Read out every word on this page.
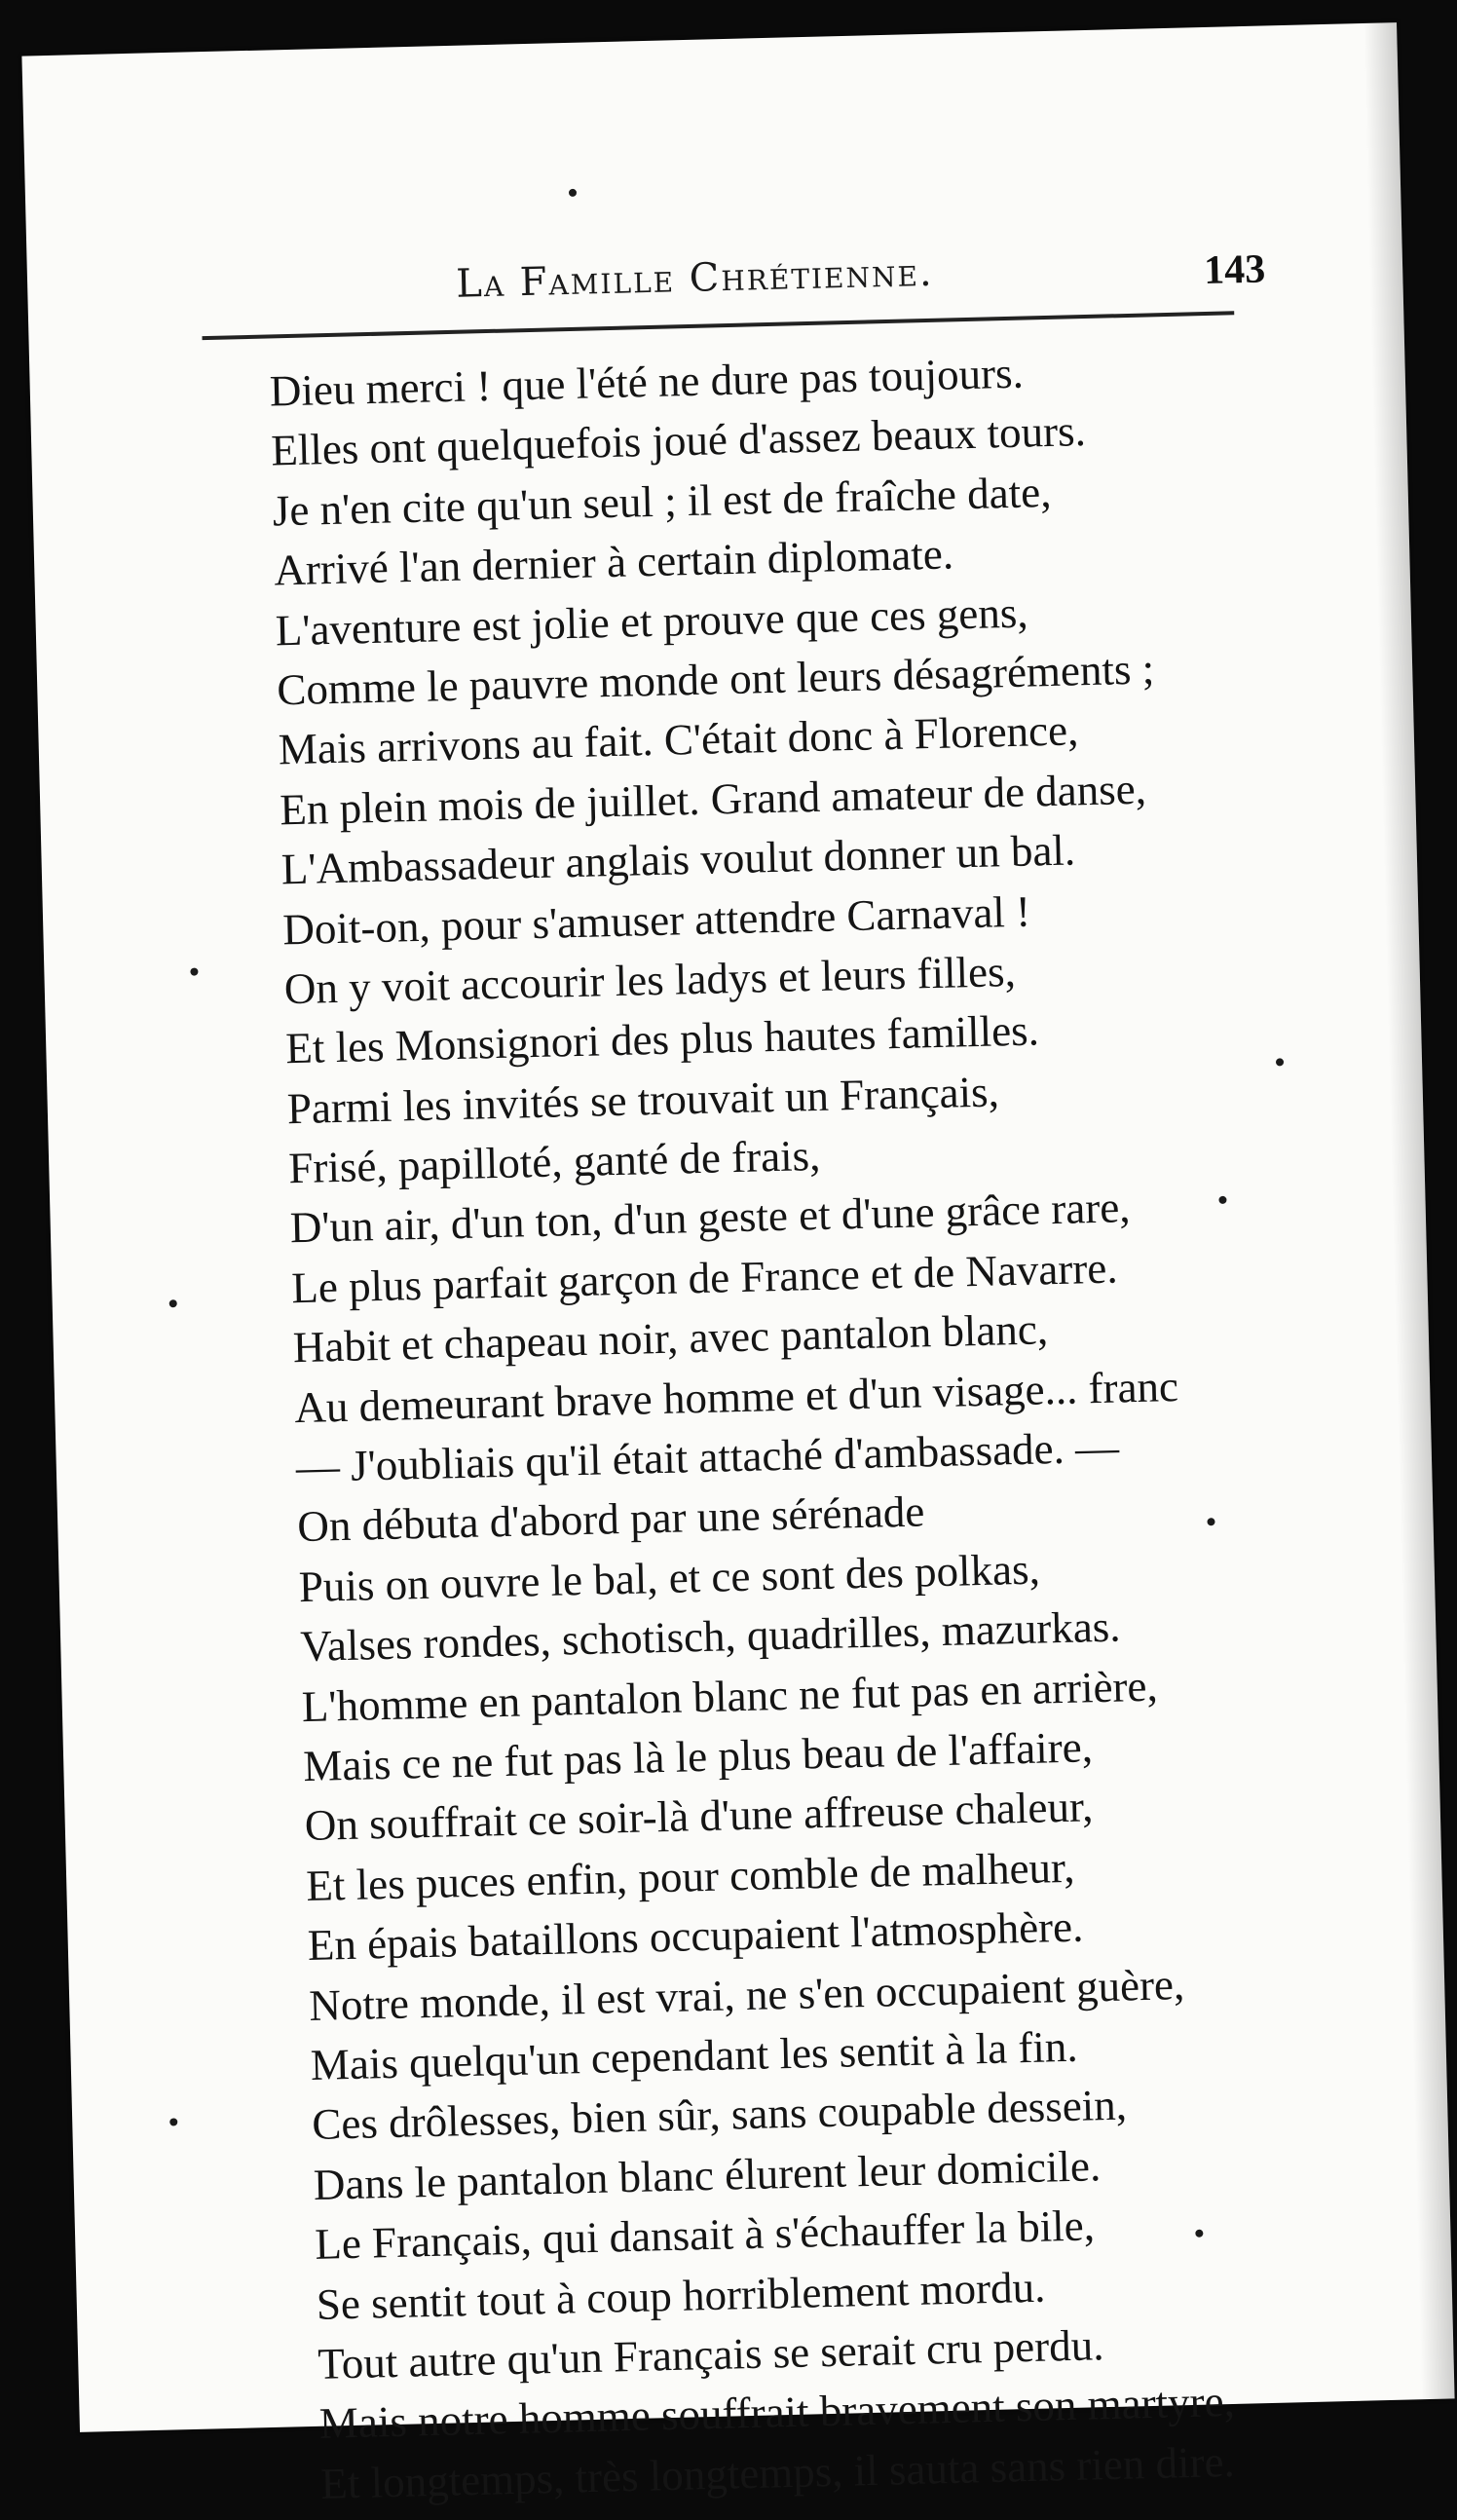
La Famille Chrétienne.	143
Dieu merci ! que l'été ne dure pas toujours.
Elles ont quelquefois joué d'assez beaux tours.
Je n'en cite qu'un seul ; il est de fraîche date,
Arrivé l'an dernier à certain diplomate.
L'aventure est jolie et prouve que ces gens,
Comme le pauvre monde ont leurs désagréments ;
Mais arrivons au fait. C'était donc à Florence,
En plein mois de juillet. Grand amateur de danse,
L'Ambassadeur anglais voulut donner un bal.
Doit-on, pour s'amuser attendre Carnaval !
On y voit accourir les ladys et leurs filles,
Et les Monsignori des plus hautes familles.
Parmi les invités se trouvait un Français,
Frisé, papilloté, ganté de frais,
D'un air, d'un ton, d'un geste et d'une grâce rare,
Le plus parfait garçon de France et de Navarre.
Habit et chapeau noir, avec pantalon blanc,
Au demeurant brave homme et d'un visage... franc
— J'oubliais qu'il était attaché d'ambassade. —
On débuta d'abord par une sérénade
Puis on ouvre le bal, et ce sont des polkas,
Valses rondes, schotisch, quadrilles, mazurkas.
L'homme en pantalon blanc ne fut pas en arrière,
Mais ce ne fut pas là le plus beau de l'affaire,
On souffrait ce soir-là d'une affreuse chaleur,
Et les puces enfin, pour comble de malheur,
En épais bataillons occupaient l'atmosphère.
Notre monde, il est vrai, ne s'en occupaient guère,
Mais quelqu'un cependant les sentit à la fin.
Ces drôlesses, bien sûr, sans coupable dessein,
Dans le pantalon blanc élurent leur domicile.
Le Français, qui dansait à s'échauffer la bile,
Se sentit tout à coup horriblement mordu.
Tout autre qu'un Français se serait cru perdu.
Mais notre homme souffrait bravement son martyre,
Et longtemps, très longtemps, il sauta sans rien dire.
